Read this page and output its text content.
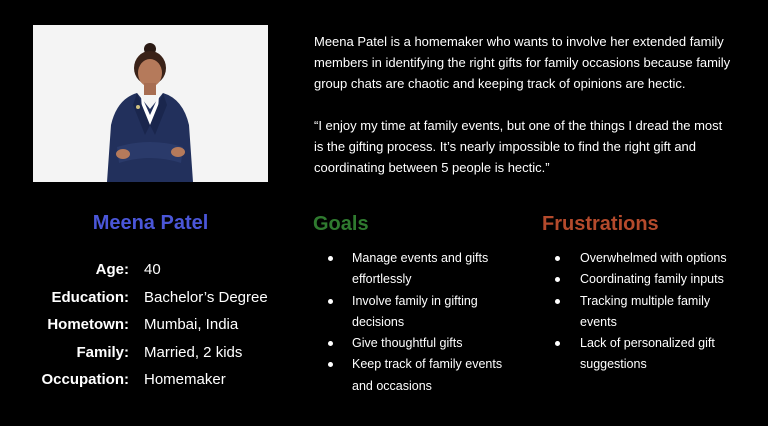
Meena Patel is a homemaker who wants to involve her extended family members in identifying the right gifts for family occasions because family group chats are chaotic and keeping track of opinions are hectic.

“I enjoy my time at family events, but one of the things I dread the most is the gifting process. It’s nearly impossible to find the right gift and coordinating between 5 people is hectic.”

Meena Patel
Age: 40
Education: Bachelor’s Degree
Hometown: Mumbai, India
Family: Married, 2 kids
Occupation: Homemaker
Goals
Manage events and gifts effortlessly
Involve family in gifting decisions
Give thoughtful gifts
Keep track of family events and occasions
Frustrations
Overwhelmed with options
Coordinating family inputs
Tracking multiple family events
Lack of personalized gift suggestions
